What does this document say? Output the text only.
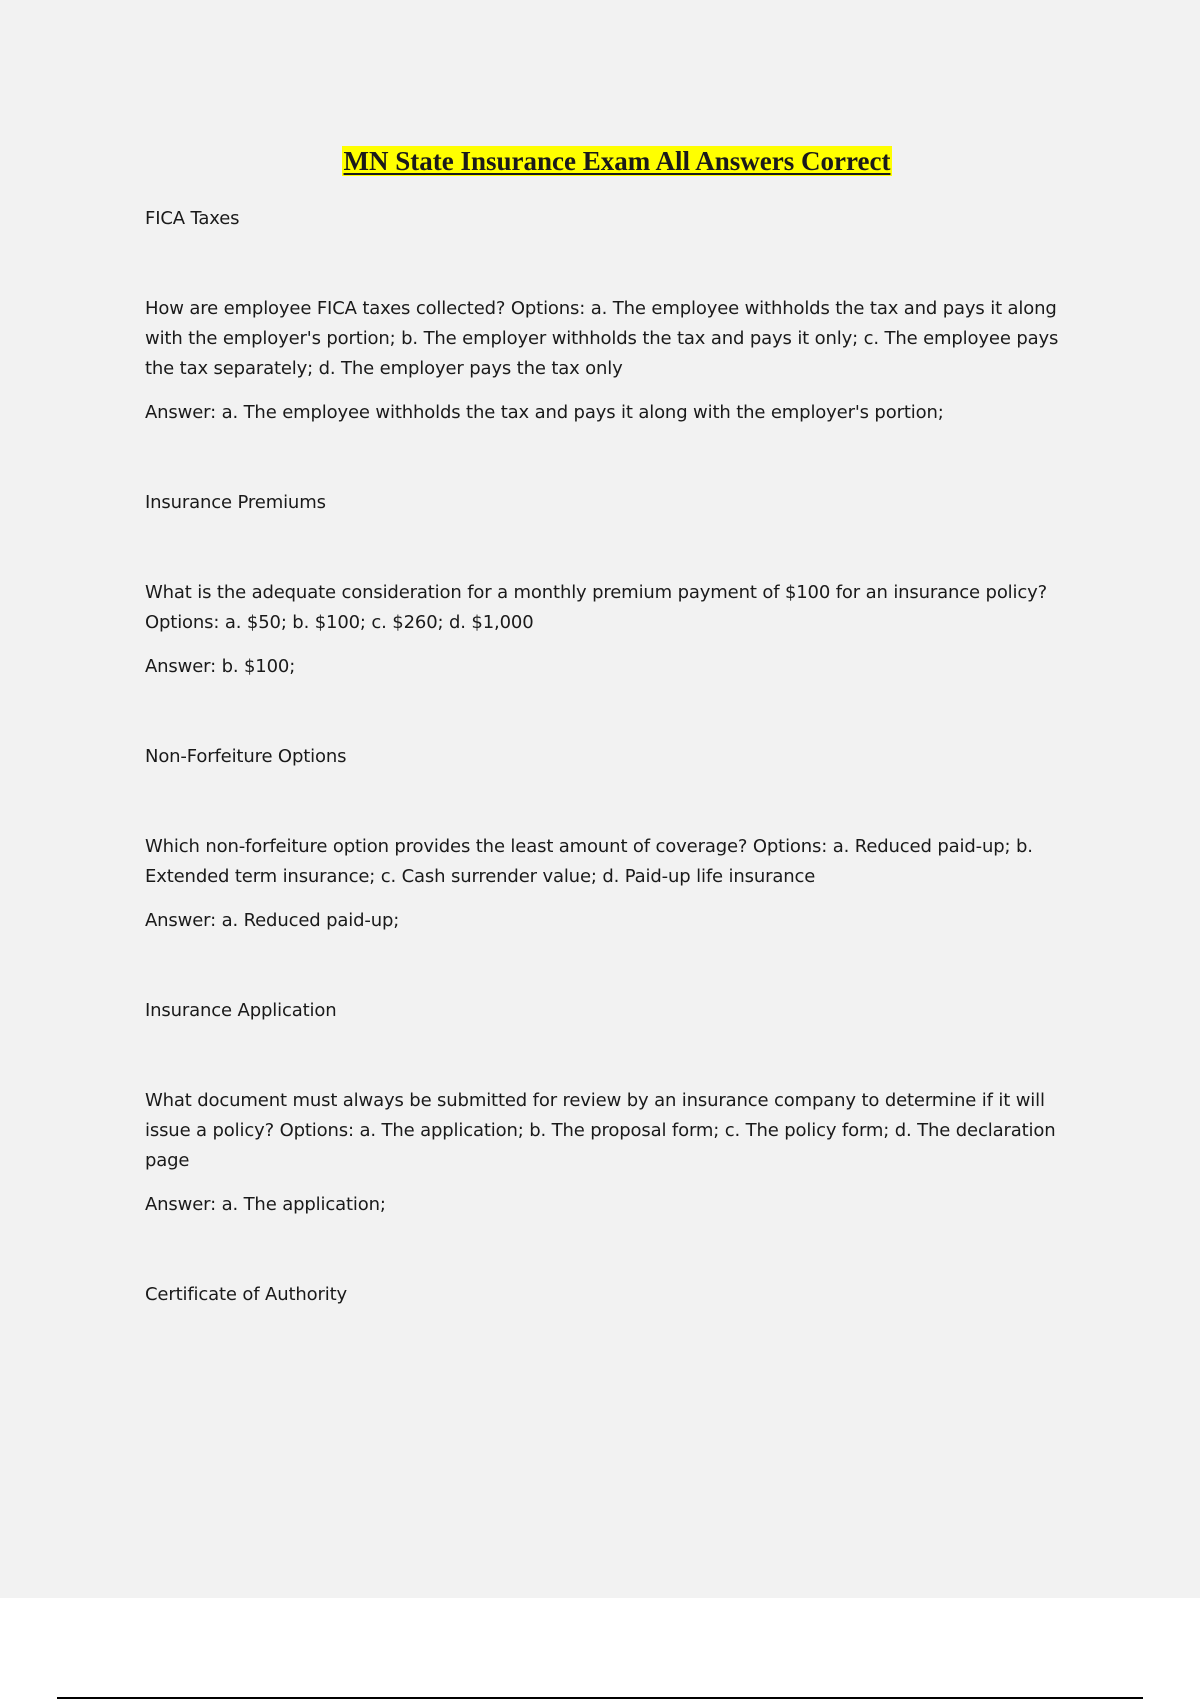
MN State Insurance Exam All Answers Correct

FICA Taxes

How are employee FICA taxes collected? Options: a. The employee withholds the tax and pays it along with the employer's portion; b. The employer withholds the tax and pays it only; c. The employee pays the tax separately; d. The employer pays the tax only

Answer: a. The employee withholds the tax and pays it along with the employer's portion;

Insurance Premiums

What is the adequate consideration for a monthly premium payment of $100 for an insurance policy? Options: a. $50; b. $100; c. $260; d. $1,000

Answer: b. $100;

Non-Forfeiture Options

Which non-forfeiture option provides the least amount of coverage? Options: a. Reduced paid-up; b. Extended term insurance; c. Cash surrender value; d. Paid-up life insurance

Answer: a. Reduced paid-up;

Insurance Application

What document must always be submitted for review by an insurance company to determine if it will issue a policy? Options: a. The application; b. The proposal form; c. The policy form; d. The declaration page

Answer: a. The application;

Certificate of Authority
